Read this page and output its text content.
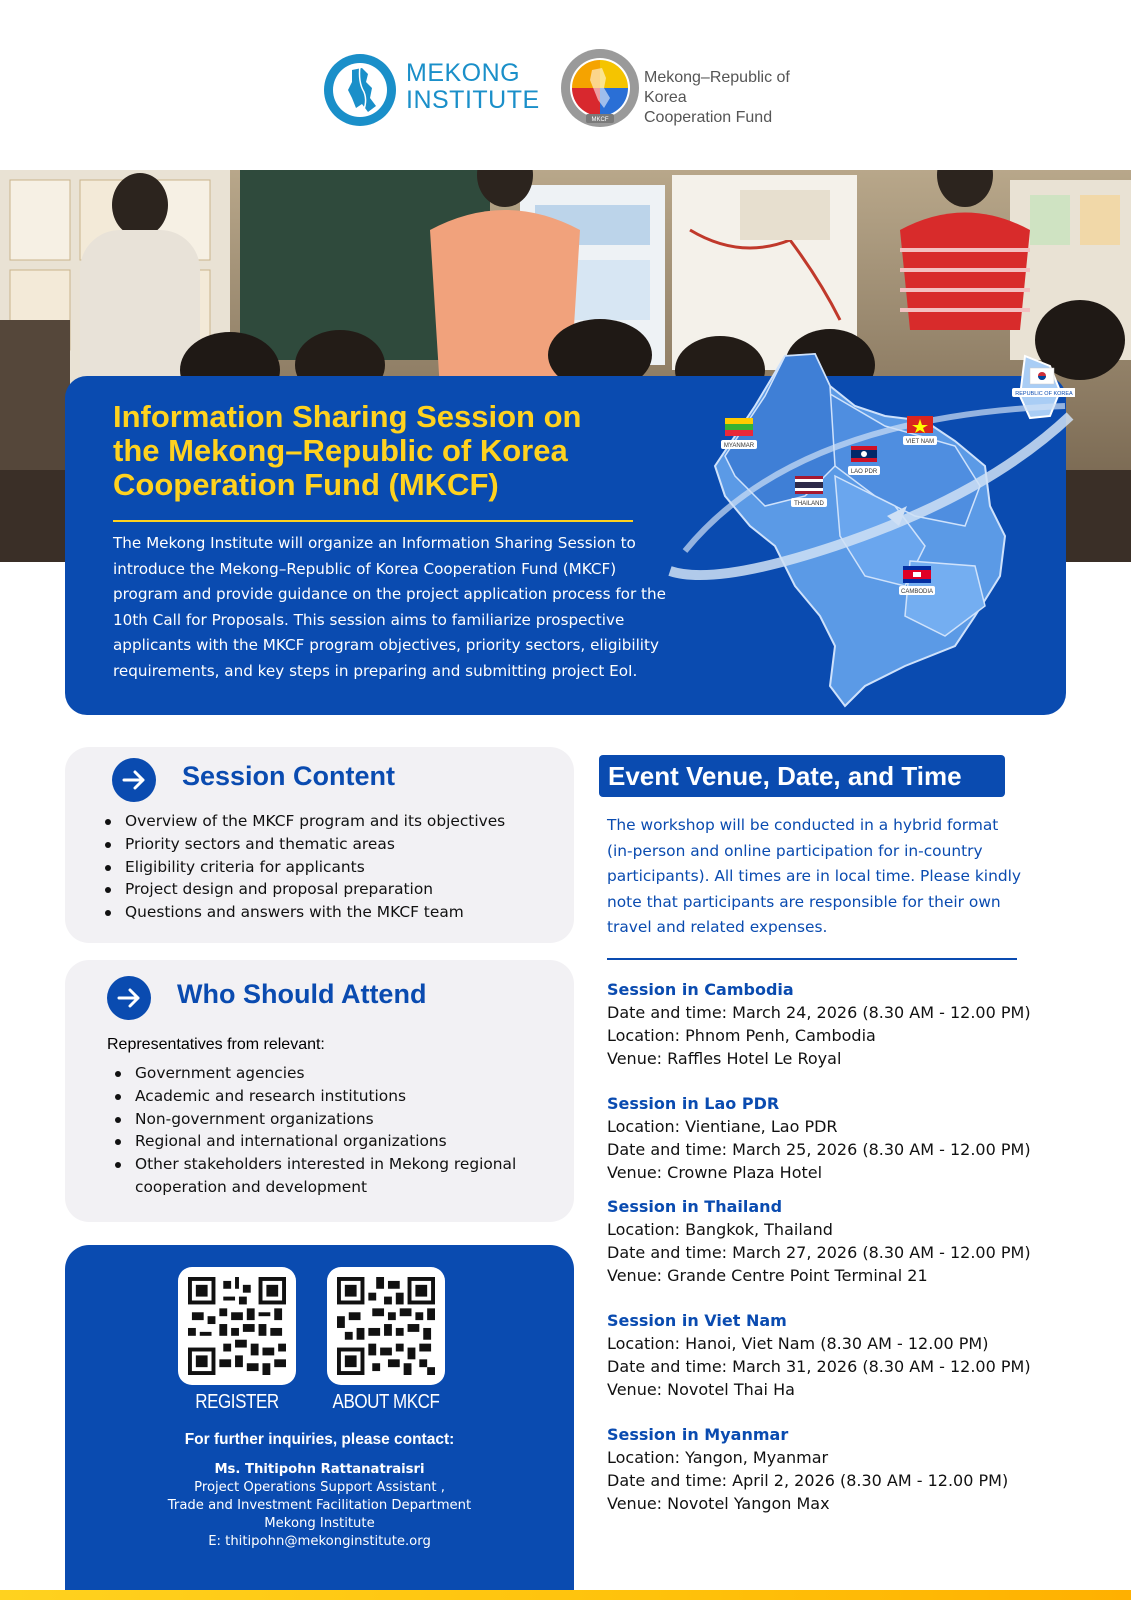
MEKONG
INSTITUTE
MKCF
Mekong–Republic of Korea
Cooperation Fund
Information Sharing Session on
the Mekong–Republic of Korea
Cooperation Fund (MKCF)

The Mekong Institute will organize an Information Sharing Session to introduce the Mekong–Republic of Korea Cooperation Fund (MKCF) program and provide guidance on the project application process for the 10th Call for Proposals. This session aims to familiarize prospective applicants with the MKCF program objectives, priority sectors, eligibility requirements, and key steps in preparing and submitting project EoI.

MYANMAR
THAILAND
LAO PDR
VIET NAM
CAMBODIA
REPUBLIC OF KOREA
Session Content
Overview of the MKCF program and its objectives
Priority sectors and thematic areas
Eligibility criteria for applicants
Project design and proposal preparation
Questions and answers with the MKCF team
Who Should Attend
Representatives from relevant:
Government agencies
Academic and research institutions
Non-government organizations
Regional and international organizations
Other stakeholders interested in Mekong regional cooperation and development
REGISTER	ABOUT MKCF
For further inquiries, please contact:
Ms. Thitipohn Rattanatraisri
Project Operations Support Assistant ,
Trade and Investment Facilitation Department
Mekong Institute
E: thitipohn@mekonginstitute.org
Event Venue, Date, and Time

The workshop will be conducted in a hybrid format (in-person and online participation for in-country participants). All times are in local time. Please kindly note that participants are responsible for their own travel and related expenses.

Session in Cambodia
Date and time: March 24, 2026 (8.30 AM - 12.00 PM)
Location: Phnom Penh, Cambodia
Venue: Raffles Hotel Le Royal
Session in Lao PDR
Location: Vientiane, Lao PDR
Date and time: March 25, 2026 (8.30 AM - 12.00 PM)
Venue: Crowne Plaza Hotel
Session in Thailand
Location: Bangkok, Thailand
Date and time: March 27, 2026 (8.30 AM - 12.00 PM)
Venue: Grande Centre Point Terminal 21
Session in Viet Nam
Location: Hanoi, Viet Nam (8.30 AM - 12.00 PM)
Date and time: March 31, 2026 (8.30 AM - 12.00 PM)
Venue: Novotel Thai Ha
Session in Myanmar
Location: Yangon, Myanmar
Date and time: April 2, 2026 (8.30 AM - 12.00 PM)
Venue: Novotel Yangon Max
